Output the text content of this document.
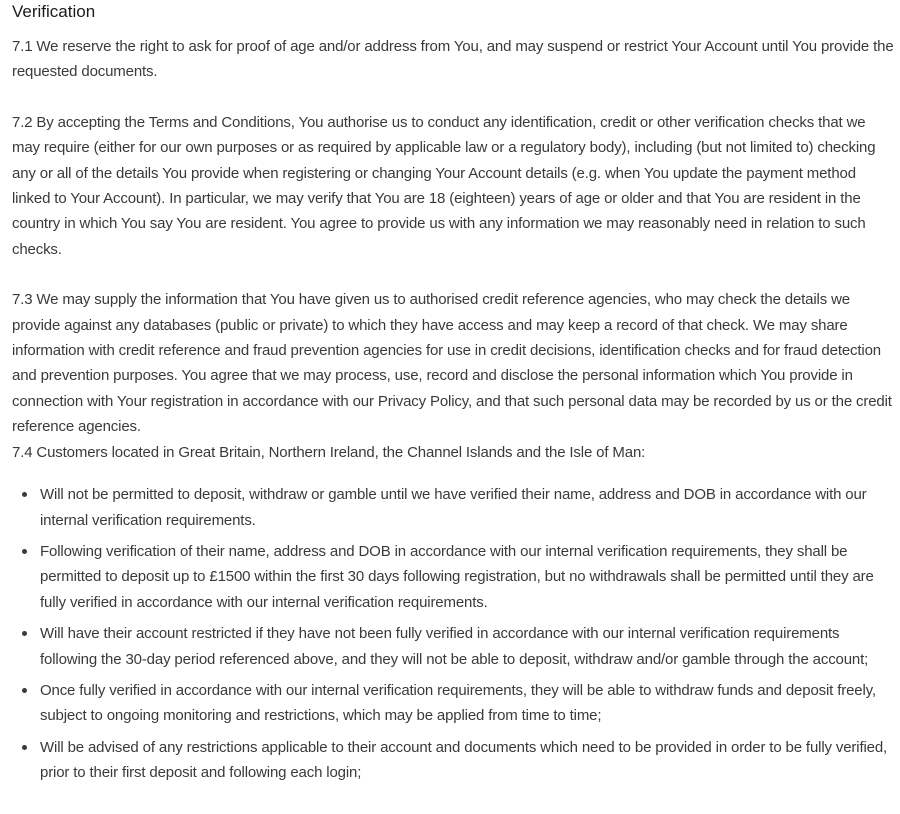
Verification

7.1 We reserve the right to ask for proof of age and/or address from You, and may suspend or restrict Your Account until You provide the requested documents.

7.2 By accepting the Terms and Conditions, You authorise us to conduct any identification, credit or other verification checks that we may require (either for our own purposes or as required by applicable law or a regulatory body), including (but not limited to) checking any or all of the details You provide when registering or changing Your Account details (e.g. when You update the payment method linked to Your Account). In particular, we may verify that You are 18 (eighteen) years of age or older and that You are resident in the country in which You say You are resident. You agree to provide us with any information we may reasonably need in relation to such checks.

7.3 We may supply the information that You have given us to authorised credit reference agencies, who may check the details we provide against any databases (public or private) to which they have access and may keep a record of that check. We may share information with credit reference and fraud prevention agencies for use in credit decisions, identification checks and for fraud detection and prevention purposes. You agree that we may process, use, record and disclose the personal information which You provide in connection with Your registration in accordance with our Privacy Policy, and that such personal data may be recorded by us or the credit reference agencies.

7.4 Customers located in Great Britain, Northern Ireland, the Channel Islands and the Isle of Man:

Will not be permitted to deposit, withdraw or gamble until we have verified their name, address and DOB in accordance with our internal verification requirements.
Following verification of their name, address and DOB in accordance with our internal verification requirements, they shall be permitted to deposit up to £1500 within the first 30 days following registration, but no withdrawals shall be permitted until they are fully verified in accordance with our internal verification requirements.
Will have their account restricted if they have not been fully verified in accordance with our internal verification requirements following the 30-day period referenced above, and they will not be able to deposit, withdraw and/or gamble through the account;
Once fully verified in accordance with our internal verification requirements, they will be able to withdraw funds and deposit freely, subject to ongoing monitoring and restrictions, which may be applied from time to time;
Will be advised of any restrictions applicable to their account and documents which need to be provided in order to be fully verified, prior to their first deposit and following each login;
